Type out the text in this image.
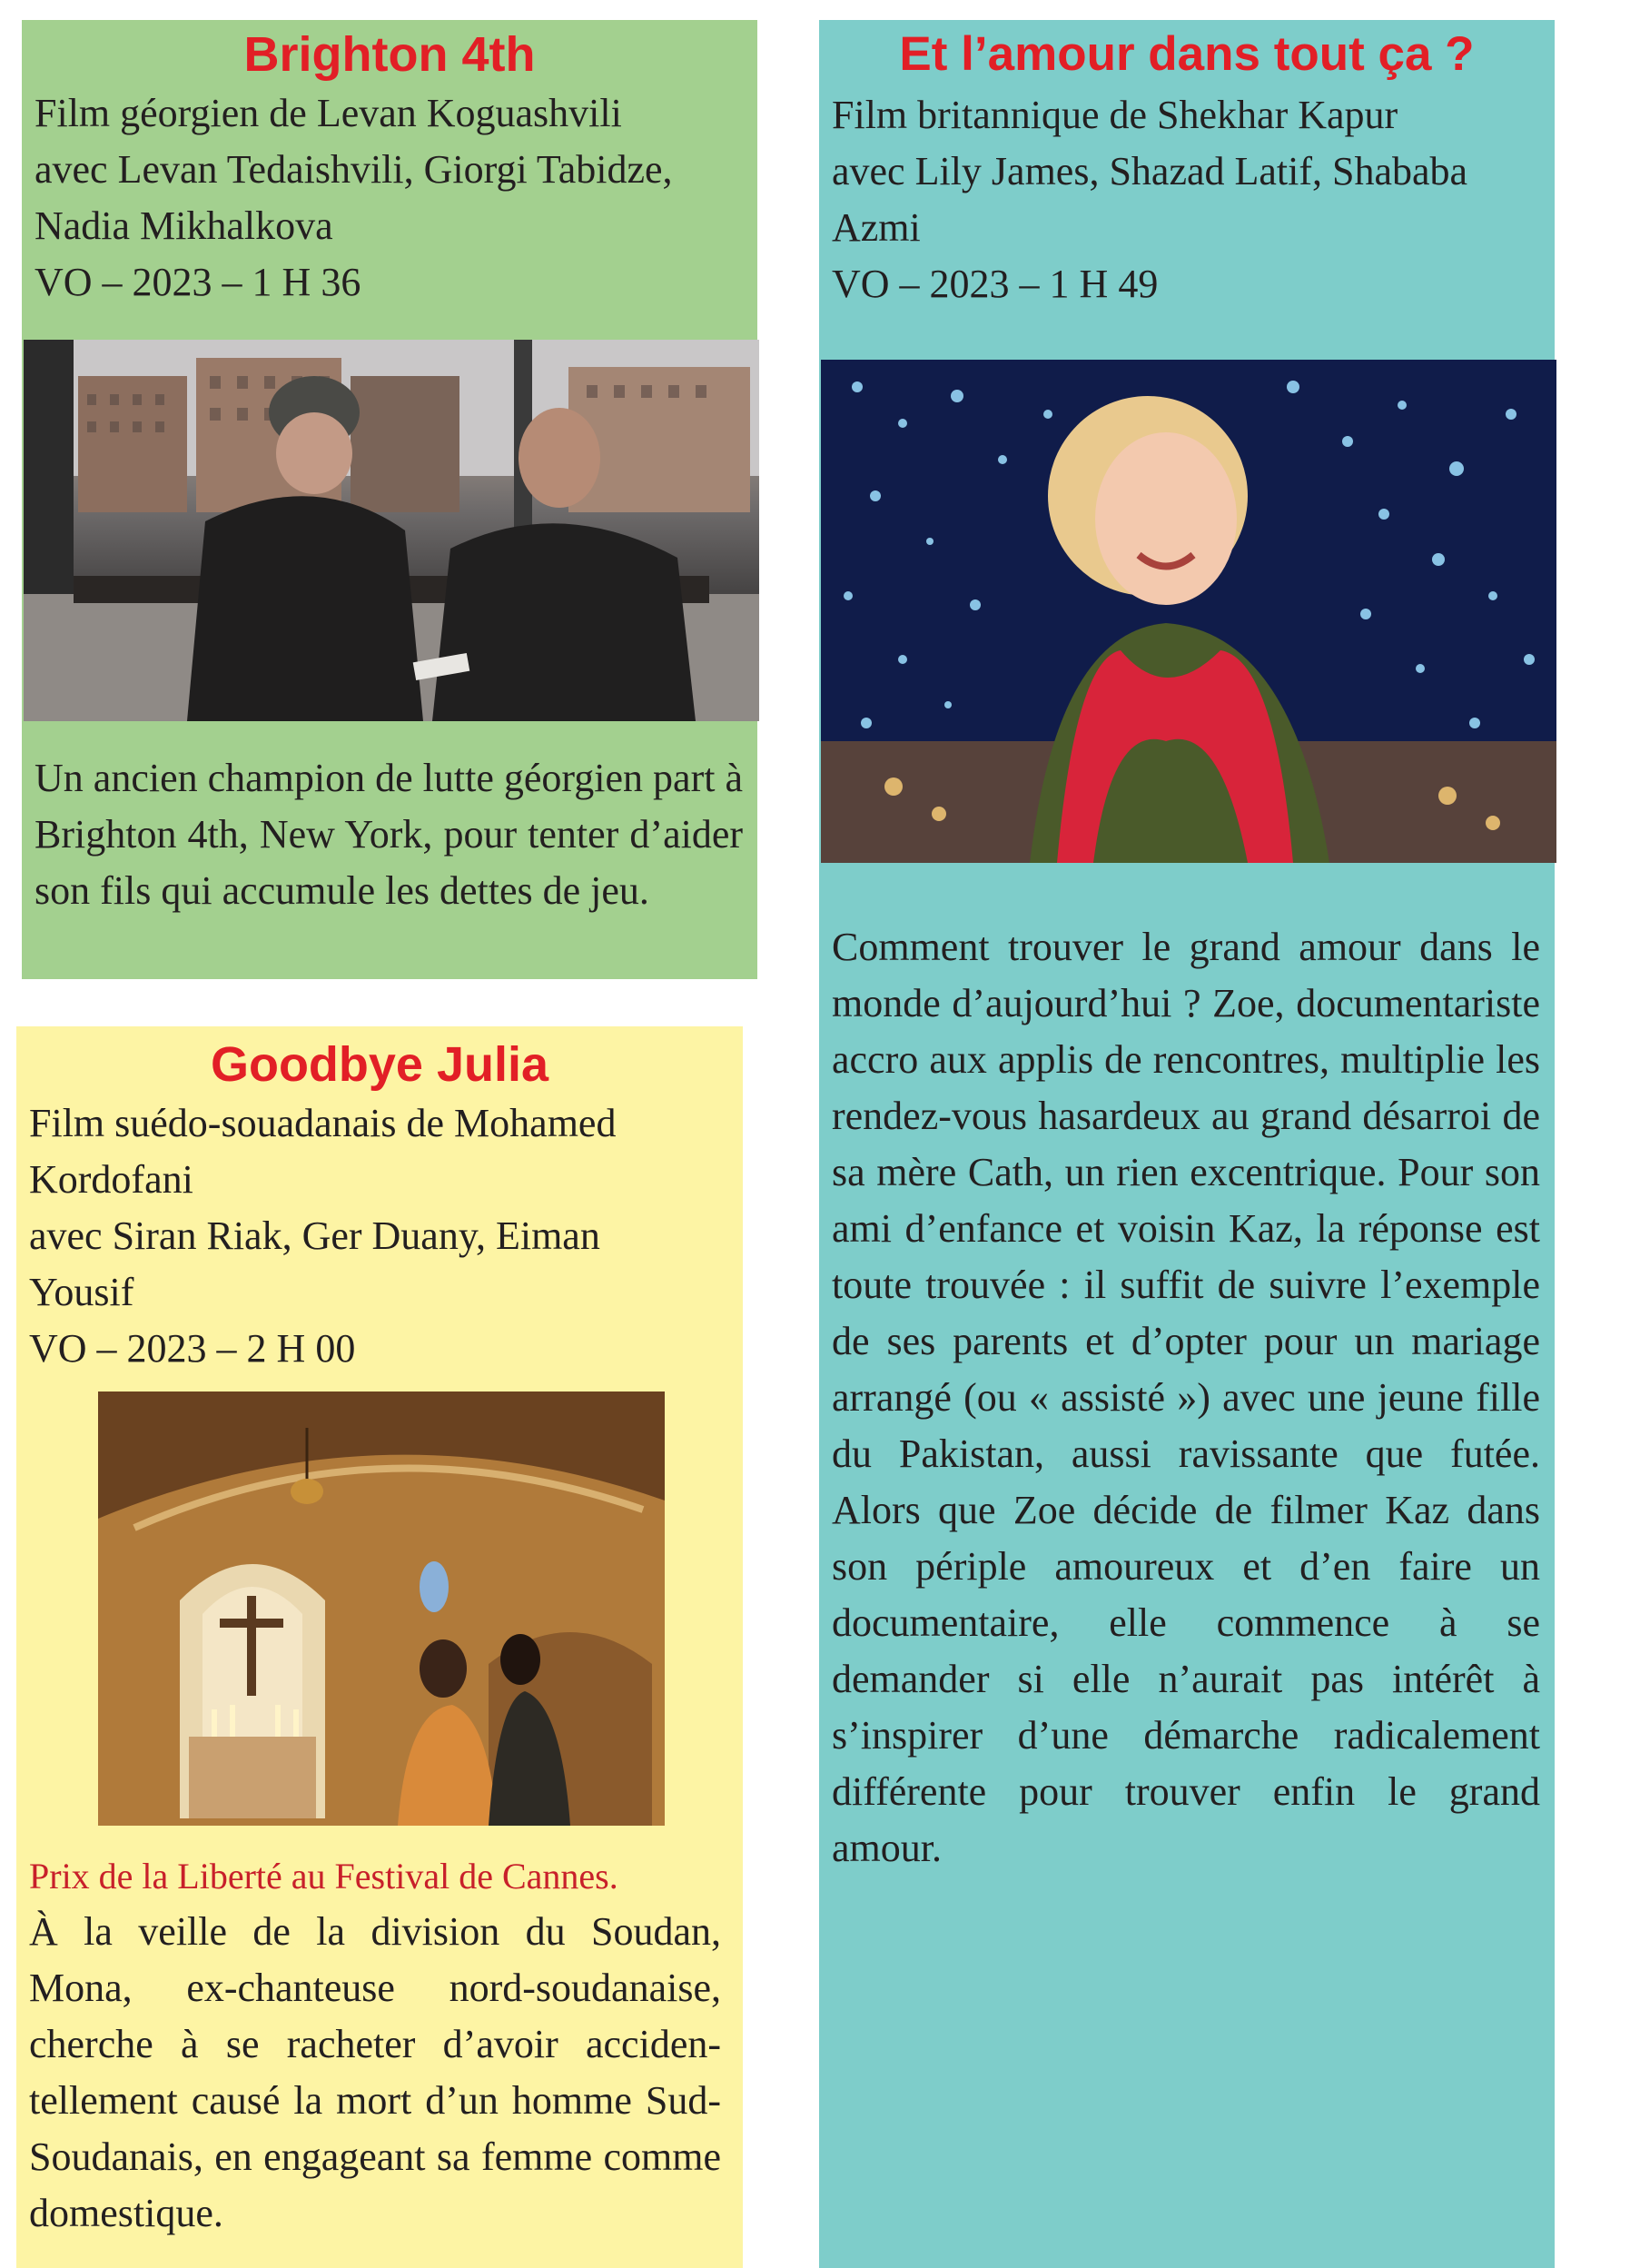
Brighton 4th

Film géorgien de Levan Koguashvili
avec Levan Tedaishvili, Giorgi Tabidze,
Nadia Mikhalkova
VO – 2023 – 1 H 36

Un ancien champion de lutte géorgien part à Brighton 4th, New York, pour tenter d’aider son fils qui accumule les dettes de jeu.

Goodbye Julia

Film suédo-souadanais de Mohamed
Kordofani
avec Siran Riak, Ger Duany, Eiman
Yousif
VO – 2023 – 2 H 00

Prix de la Liberté au Festival de Cannes.

À la veille de la division du Soudan, Mona, ex-chanteuse nord-soudanaise, cherche à se racheter d’avoir acciden-tellement causé la mort d’un homme Sud-Soudanais, en engageant sa femme comme domestique.

Et l’amour dans tout ça ?

Film britannique de Shekhar Kapur
avec Lily James, Shazad Latif, Shababa
Azmi
VO – 2023 – 1 H 49

Comment trouver le grand amour dans le monde d’aujourd’hui ? Zoe, documentariste accro aux applis de rencontres, multiplie les rendez-vous hasardeux au grand désarroi de sa mère Cath, un rien excentrique. Pour son ami d’enfance et voisin Kaz, la réponse est toute trouvée : il suffit de suivre l’exemple de ses parents et d’opter pour un mariage arrangé (ou « assisté ») avec une jeune fille du Pakistan, aussi ravissante que futée. Alors que Zoe décide de filmer Kaz dans son périple amoureux et d’en faire un documentaire, elle commence à se demander si elle n’aurait pas intérêt à s’inspirer d’une démarche radicalement différente pour trouver enfin le grand amour.
